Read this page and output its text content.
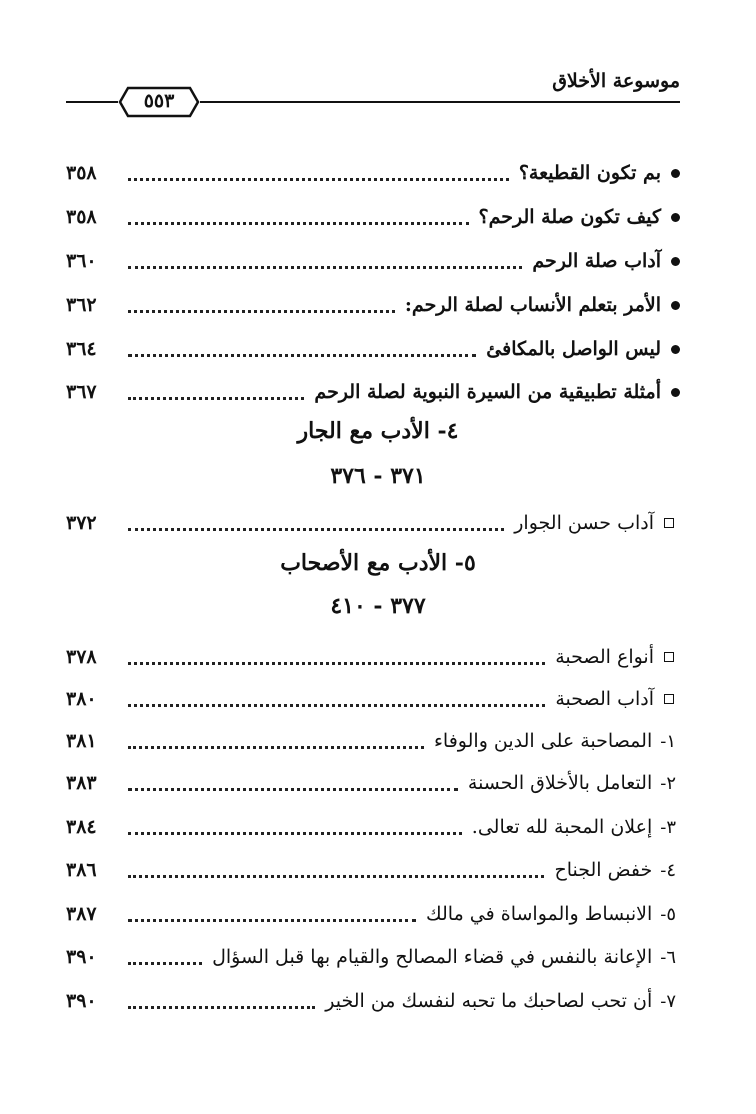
موسوعة الأخلاق
٥٥٣
بم تكون القطيعة؟
٣٥٨
كيف تكون صلة الرحم؟
٣٥٨
آداب صلة الرحم
٣٦٠
الأمر بتعلم الأنساب لصلة الرحم:
٣٦٢
ليس الواصل بالمكافئ
٣٦٤
أمثلة تطبيقية من السيرة النبوية لصلة الرحم
٣٦٧
٤- الأدب مع الجار
٣٧١ - ٣٧٦
آداب حسن الجوار
٣٧٢
٥- الأدب مع الأصحاب
٣٧٧ - ٤١٠
أنواع الصحبة
٣٧٨
آداب الصحبة
٣٨٠
١-
المصاحبة على الدين والوفاء
٣٨١
٢-
التعامل بالأخلاق الحسنة
٣٨٣
٣-
إعلان المحبة لله تعالى.
٣٨٤
٤-
خفض الجناح
٣٨٦
٥-
الانبساط والمواساة في مالك
٣٨٧
٦-
الإعانة بالنفس في قضاء المصالح والقيام بها قبل السؤال
٣٩٠
٧-
أن تحب لصاحبك ما تحبه لنفسك من الخير
٣٩٠
